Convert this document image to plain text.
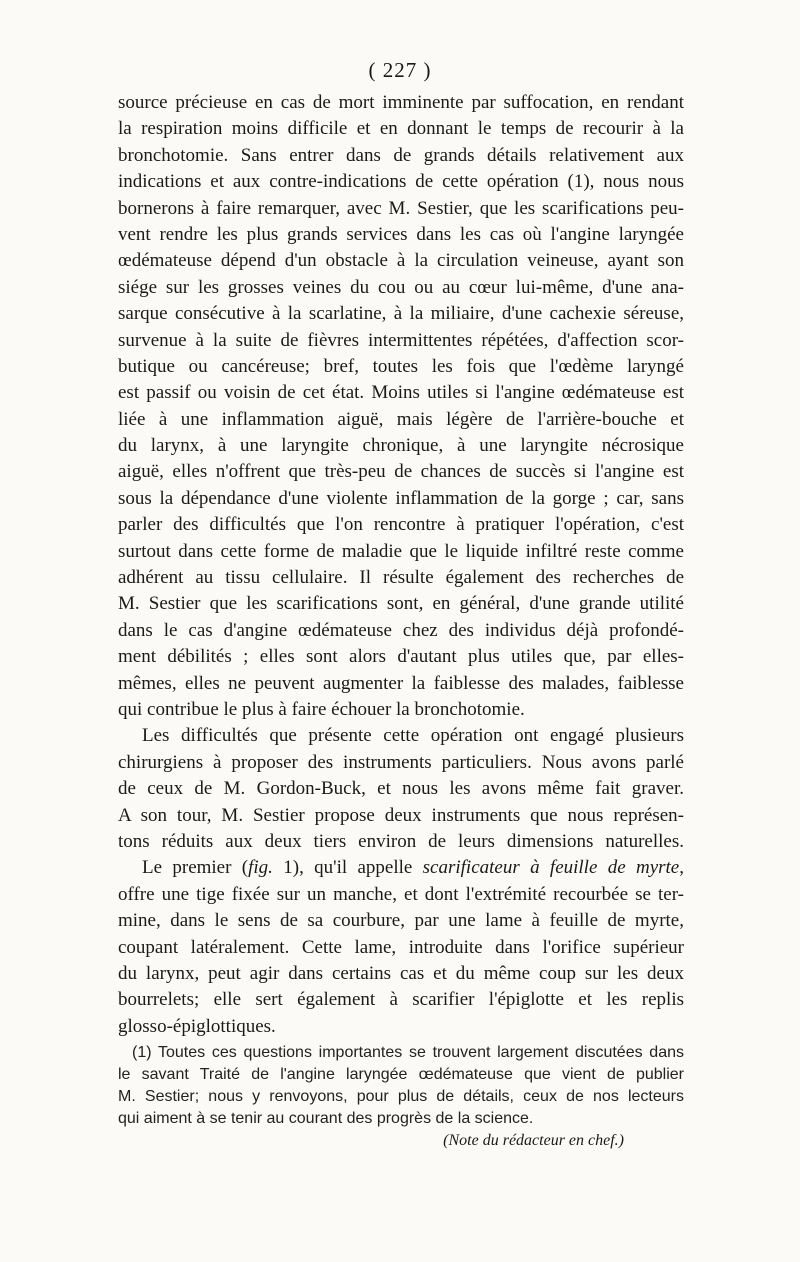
( 227 )
source précieuse en cas de mort imminente par suffocation, en rendant
la respiration moins difficile et en donnant le temps de recourir à la
bronchotomie. Sans entrer dans de grands détails relativement aux
indications et aux contre-indications de cette opération (1), nous nous
bornerons à faire remarquer, avec M. Sestier, que les scarifications peu-
vent rendre les plus grands services dans les cas où l'angine laryngée
œdémateuse dépend d'un obstacle à la circulation veineuse, ayant son
siége sur les grosses veines du cou ou au cœur lui-même, d'une ana-
sarque consécutive à la scarlatine, à la miliaire, d'une cachexie séreuse,
survenue à la suite de fièvres intermittentes répétées, d'affection scor-
butique ou cancéreuse; bref, toutes les fois que l'œdème laryngé
est passif ou voisin de cet état. Moins utiles si l'angine œdémateuse est
liée à une inflammation aiguë, mais légère de l'arrière-bouche et
du larynx, à une laryngite chronique, à une laryngite nécrosique
aiguë, elles n'offrent que très-peu de chances de succès si l'angine est
sous la dépendance d'une violente inflammation de la gorge ; car, sans
parler des difficultés que l'on rencontre à pratiquer l'opération, c'est
surtout dans cette forme de maladie que le liquide infiltré reste comme
adhérent au tissu cellulaire. Il résulte également des recherches de
M. Sestier que les scarifications sont, en général, d'une grande utilité
dans le cas d'angine œdémateuse chez des individus déjà profondé-
ment débilités ; elles sont alors d'autant plus utiles que, par elles-
mêmes, elles ne peuvent augmenter la faiblesse des malades, faiblesse
qui contribue le plus à faire échouer la bronchotomie.
Les difficultés que présente cette opération ont engagé plusieurs
chirurgiens à proposer des instruments particuliers. Nous avons parlé
de ceux de M. Gordon-Buck, et nous les avons même fait graver.
A son tour, M. Sestier propose deux instruments que nous représen-
tons réduits aux deux tiers environ de leurs dimensions naturelles.
Le premier (fig. 1), qu'il appelle scarificateur à feuille de myrte,
offre une tige fixée sur un manche, et dont l'extrémité recourbée se ter-
mine, dans le sens de sa courbure, par une lame à feuille de myrte,
coupant latéralement. Cette lame, introduite dans l'orifice supérieur
du larynx, peut agir dans certains cas et du même coup sur les deux
bourrelets; elle sert également à scarifier l'épiglotte et les replis
glosso-épiglottiques.
(1) Toutes ces questions importantes se trouvent largement discutées dans
le savant Traité de l'angine laryngée œdémateuse que vient de publier
M. Sestier; nous y renvoyons, pour plus de détails, ceux de nos lecteurs
qui aiment à se tenir au courant des progrès de la science.
(Note du rédacteur en chef.)
